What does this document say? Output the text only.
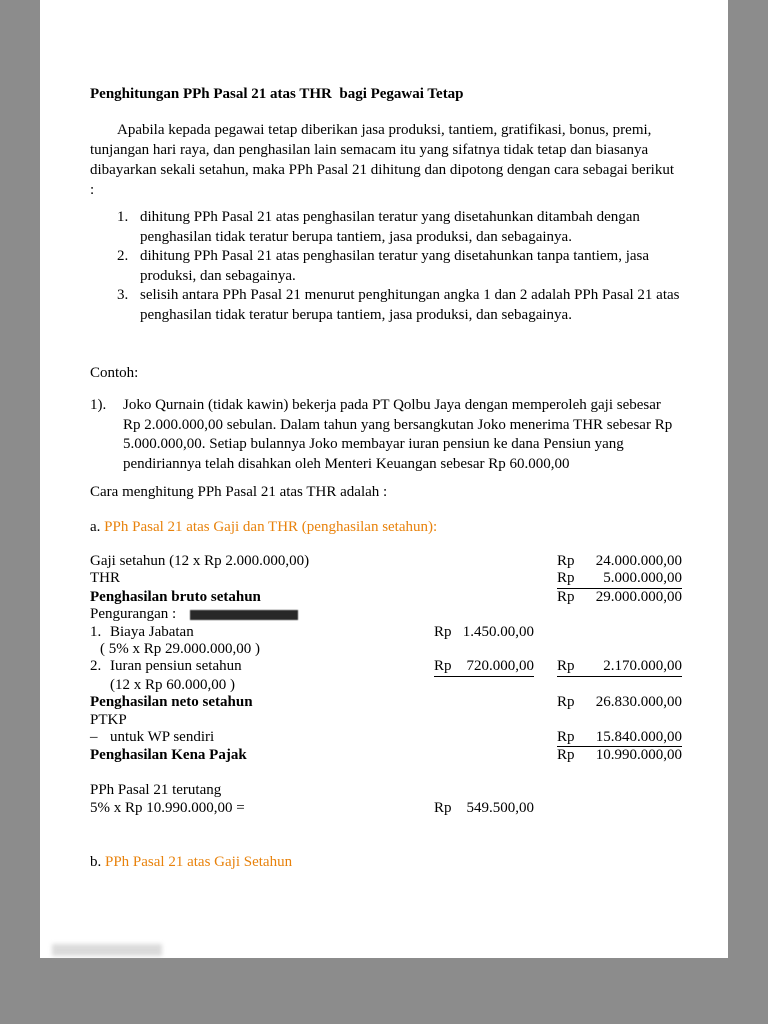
Penghitungan PPh Pasal 21 atas THR  bagi Pegawai Tetap
Apabila kepada pegawai tetap diberikan jasa produksi, tantiem, gratifikasi, bonus, premi,
tunjangan hari raya, dan penghasilan lain semacam itu yang sifatnya tidak tetap dan biasanya
dibayarkan sekali setahun, maka PPh Pasal 21 dihitung dan dipotong dengan cara sebagai berikut
:
1. dihitung PPh Pasal 21 atas penghasilan teratur yang disetahunkan ditambah dengan
penghasilan tidak teratur berupa tantiem, jasa produksi, dan sebagainya.
2. dihitung PPh Pasal 21 atas penghasilan teratur yang disetahunkan tanpa tantiem, jasa
produksi, dan sebagainya.
3. selisih antara PPh Pasal 21 menurut penghitungan angka 1 dan 2 adalah PPh Pasal 21 atas
penghasilan tidak teratur berupa tantiem, jasa produksi, dan sebagainya.
Contoh:
1).	Joko Qurnain (tidak kawin) bekerja pada PT Qolbu Jaya dengan memperoleh gaji sebesar
Rp 2.000.000,00 sebulan. Dalam tahun yang bersangkutan Joko menerima THR sebesar Rp
5.000.000,00. Setiap bulannya Joko membayar iuran pensiun ke dana Pensiun yang
pendiriannya telah disahkan oleh Menteri Keuangan sebesar Rp 60.000,00
Cara menghitung PPh Pasal 21 atas THR adalah :
a. PPh Pasal 21 atas Gaji dan THR (penghasilan setahun):
Gaji setahun (12 x Rp 2.000.000,00)	Rp 24.000.000,00
THR	Rp 5.000.000,00
Penghasilan bruto setahun	Rp 29.000.000,00
Pengurangan :
1. Biaya Jabatan	Rp 1.450.00,00
( 5% x Rp 29.000.000,00 )
2. Iuran pensiun setahun	Rp 720.000,00 Rp 2.170.000,00
(12 x Rp 60.000,00 )
Penghasilan neto setahun	Rp 26.830.000,00
PTKP
– untuk WP sendiri	Rp 15.840.000,00
Penghasilan Kena Pajak	Rp 10.990.000,00
PPh Pasal 21 terutang
5% x Rp 10.990.000,00 =	Rp 549.500,00
b. PPh Pasal 21 atas Gaji Setahun
